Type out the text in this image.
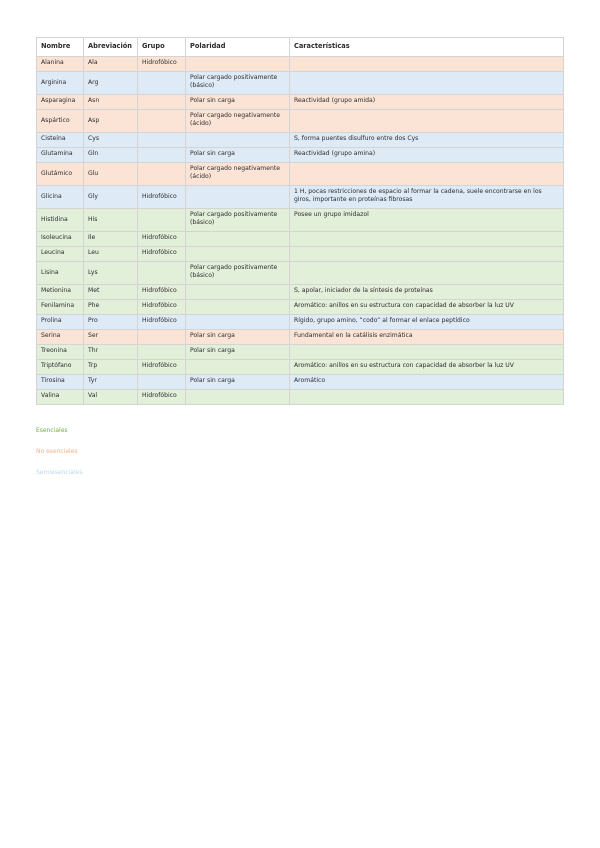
Nombre	Abreviación	Grupo	Polaridad	Características
Alanina	Ala	Hidrofóbico		
Arginina	Arg		Polar cargado positivamente (básico)	
Asparagina	Asn		Polar sin carga	Reactividad (grupo amida)
Aspártico	Asp		Polar cargado negativamente (ácido)	
Cisteína	Cys			S, forma puentes disulfuro entre dos Cys
Glutamina	Gln		Polar sin carga	Reactividad (grupo amina)
Glutámico	Glu		Polar cargado negativamente (ácido)	
Glicina	Gly	Hidrofóbico		1 H, pocas restricciones de espacio al formar la cadena, suele encontrarse en los giros, importante en proteínas fibrosas
Histidina	His		Polar cargado positivamente (básico)	Posee un grupo imidazol
Isoleucina	Ile	Hidrofóbico		
Leucina	Leu	Hidrofóbico		
Lisina	Lys		Polar cargado positivamente (básico)	
Metionina	Met	Hidrofóbico		S, apolar, iniciador de la síntesis de proteínas
Fenilamina	Phe	Hidrofóbico		Aromático: anillos en su estructura con capacidad de absorber la luz UV
Prolina	Pro	Hidrofóbico		Rígido, grupo amino, “codo” al formar el enlace peptídico
Serina	Ser		Polar sin carga	Fundamental en la catálisis enzimática
Treonina	Thr		Polar sin carga	
Triptófano	Trp	Hidrofóbico		Aromático: anillos en su estructura con capacidad de absorber la luz UV
Tirosina	Tyr		Polar sin carga	Aromático
Valina	Val	Hidrofóbico		
Esenciales
No esenciales
Semiesenciales
